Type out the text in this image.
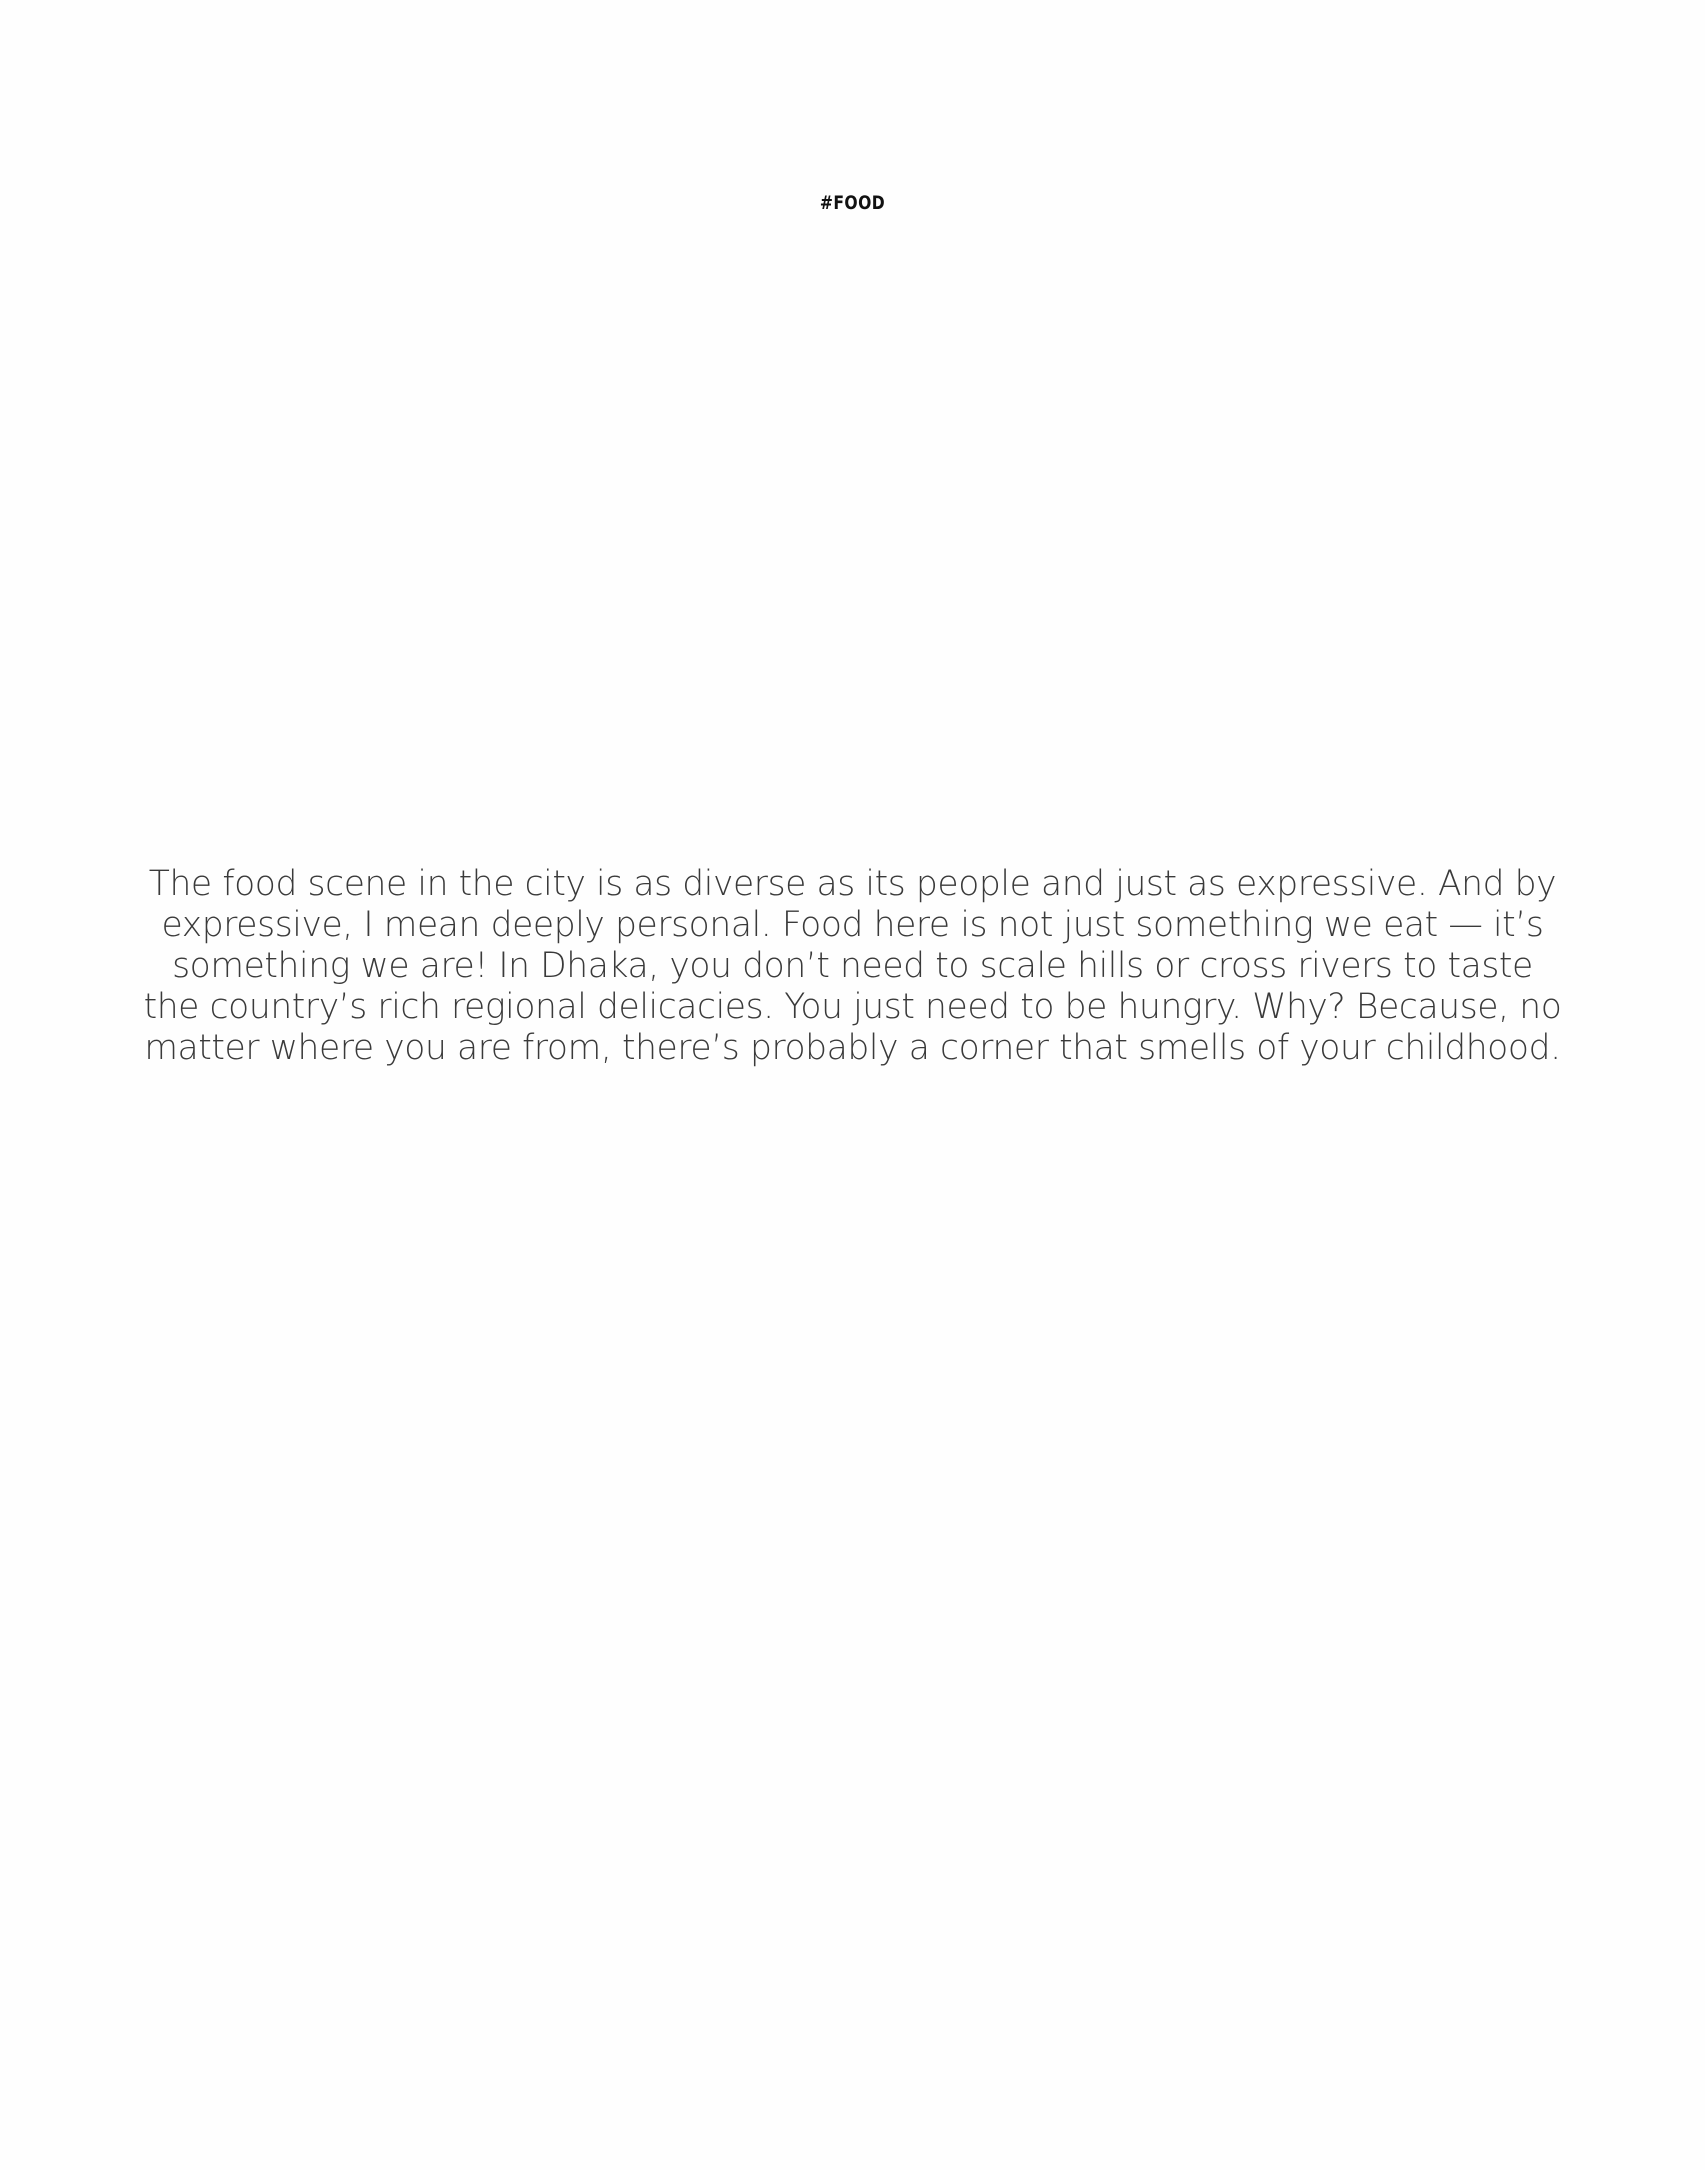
#FOOD

The food scene in the city is as diverse as its people and just as expressive. And by expressive, I mean deeply personal. Food here is not just something we eat — it’s something we are! In Dhaka, you don’t need to scale hills or cross rivers to taste the country’s rich regional delicacies. You just need to be hungry. Why? Because, no matter where you are from, there’s probably a corner that smells of your childhood.
